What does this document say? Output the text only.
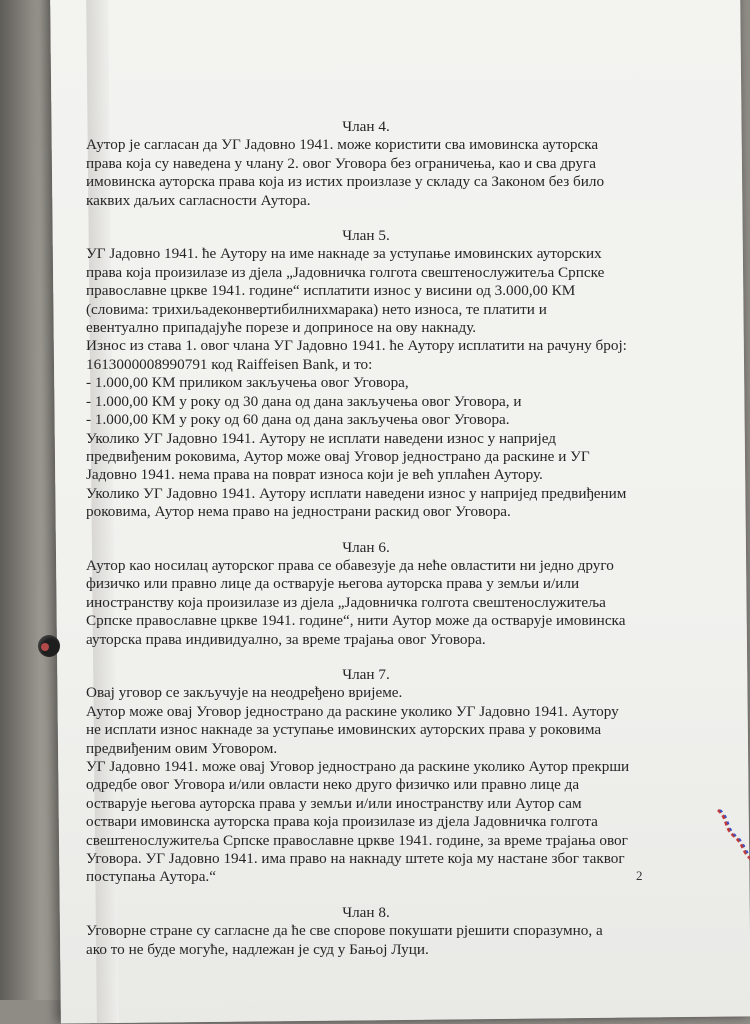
Члан 4.

Аутор је сагласан да УГ Јадовно 1941. може користити сва имовинска ауторска
права која су наведена у члану 2. овог Уговора без ограничења, као и сва друга
имовинска ауторска права која из истих произлазе у складу са Законом без било
каквих даљих сагласности Аутора.

Члан 5.

УГ Јадовно 1941. ће Аутору на име накнаде за уступање имовинских ауторских
права која произилазе из дјела „Јадовничка голгота свештенослужитеља Српске
православне цркве 1941. године“ исплатити износ у висини од 3.000,00 КМ
(словима: трихиљадеконвертибилнихмарака) нето износа, те платити и
евентуално припадајуће порезе и доприносе на ову накнаду.

Износ из става 1. овог члана УГ Јадовно 1941. ће Аутору исплатити на рачуну број:
1613000008990791 код Raiffeisen Bank, и то:

- 1.000,00 КМ приликом закључења овог Уговора,

- 1.000,00 КМ у року од 30 дана од дана закључења овог Уговора, и

- 1.000,00 КМ у року од 60 дана од дана закључења овог Уговора.

Уколико УГ Јадовно 1941. Аутору не исплати наведени износ у напријед
предвиђеним роковима, Аутор може овај Уговор једнострано да раскине и УГ
Јадовно 1941. нема права на поврат износа који је већ уплаћен Аутору.

Уколико УГ Јадовно 1941. Аутору исплати наведени износ у напријед предвиђеним
роковима, Аутор нема право на једнострани раскид овог Уговора.

Члан 6.

Аутор као носилац ауторског права се обавезује да неће овластити ни једно друго
физичко или правно лице да остварује његова ауторска права у земљи и/или
иностранству која произилазе из дјела „Јадовничка голгота свештенослужитеља
Српске православне цркве 1941. године“, нити Аутор може да остварује имовинска
ауторска права индивидуално, за време трајања овог Уговора.

Члан 7.

Овај уговор се закључује на неодређено вријеме.

Аутор може овај Уговор једнострано да раскине уколико УГ Јадовно 1941. Аутору
не исплати износ накнаде за уступање имовинских ауторских права у роковима
предвиђеним овим Уговором.

УГ Јадовно 1941. може овај Уговор једнострано да раскине уколико Аутор прекрши
одредбе овог Уговора и/или овласти неко друго физичко или правно лице да
остварује његова ауторска права у земљи и/или иностранству или Аутор сам
оствари имовинска ауторска права која произилазе из дјела Јадовничка голгота
свештенослужитеља Српске православне цркве 1941. године, за време трајања овог
Уговора. УГ Јадовно 1941. има право на накнаду штете која му настане због таквог
поступања Аутора.“

Члан 8.

Уговорне стране су сагласне да ће све спорове покушати рјешити споразумно, а
ако то не буде могуће, надлежан је суд у Бањој Луци.

2
